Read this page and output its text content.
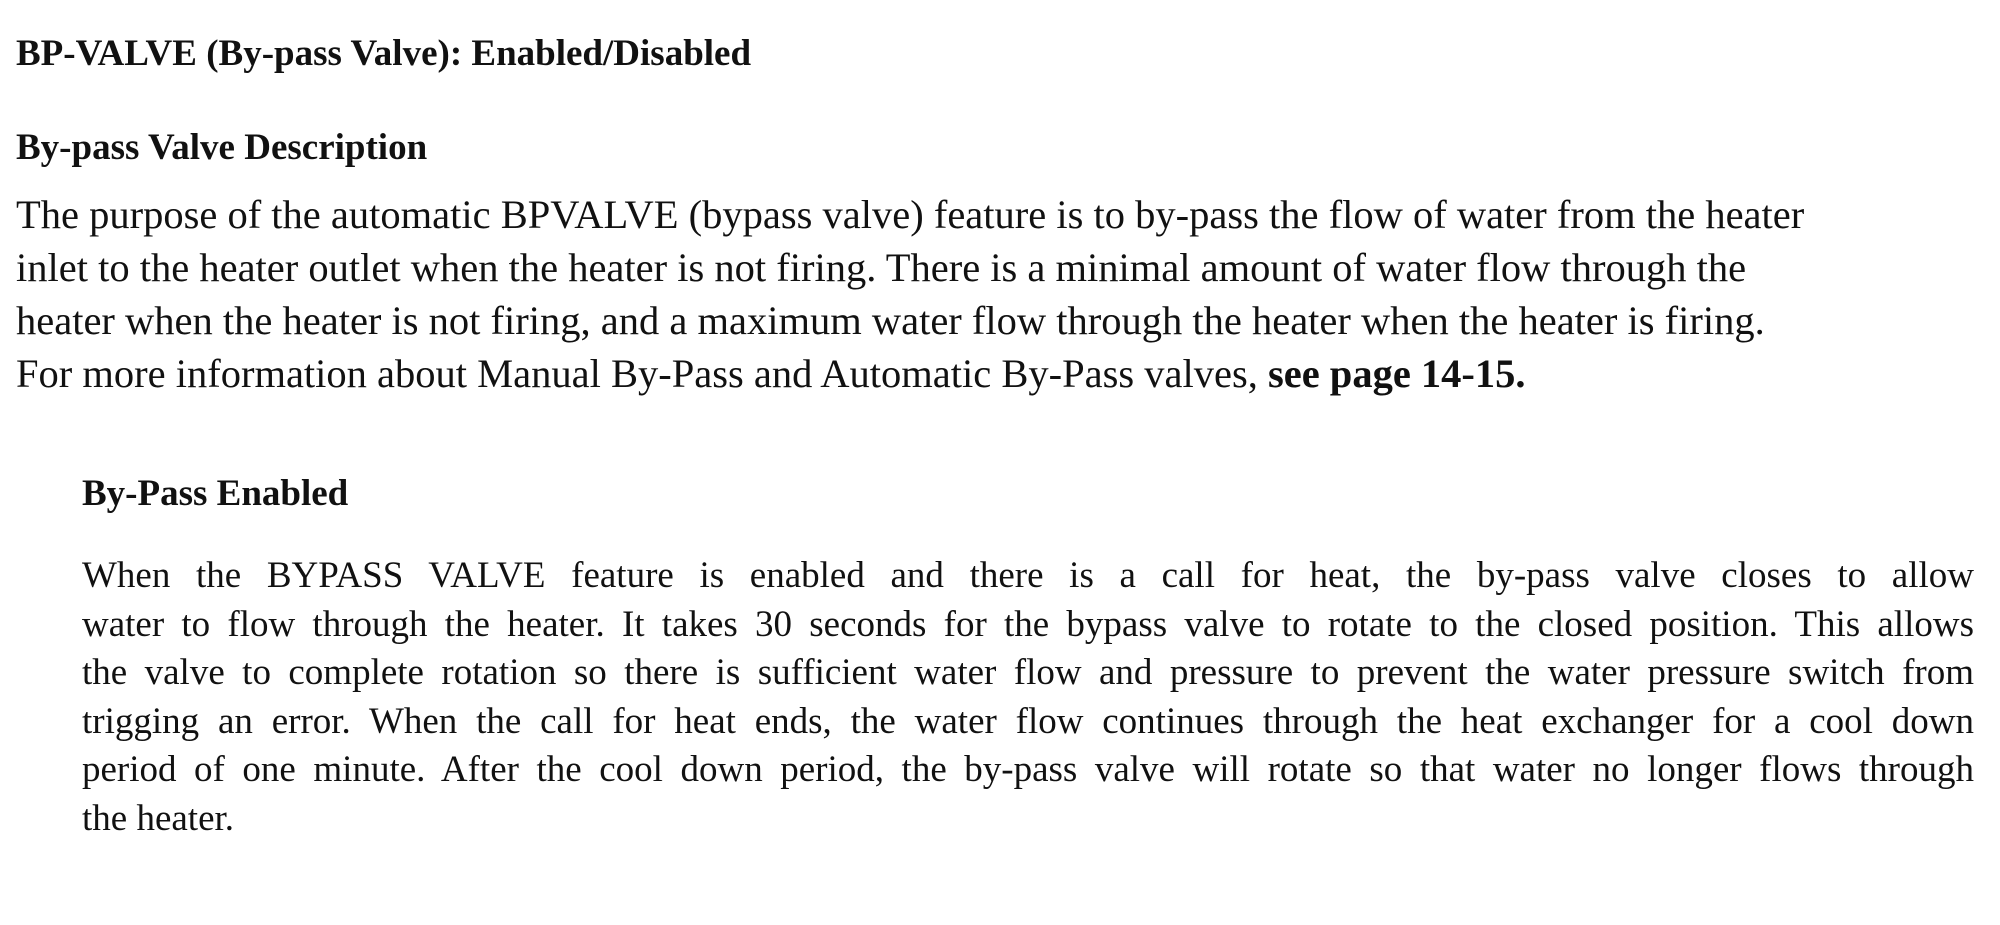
BP-VALVE (By-pass Valve): Enabled/Disabled
By-pass Valve Description

The purpose of the automatic BPVALVE (bypass valve) feature is to by-pass the flow of water from the heater
inlet to the heater outlet when the heater is not firing. There is a minimal amount of water flow through the
heater when the heater is not firing, and a maximum water flow through the heater when the heater is firing.
For more information about Manual By-Pass and Automatic By-Pass valves, see page 14-15.

By-Pass Enabled

When the BYPASS VALVE feature is enabled and there is a call for heat, the by-pass valve closes to allow
water to flow through the heater. It takes 30 seconds for the bypass valve to rotate to the closed position. This allows
the valve to complete rotation so there is sufficient water flow and pressure to prevent the water pressure switch from
trigging an error. When the call for heat ends, the water flow continues through the heat exchanger for a cool down
period of one minute. After the cool down period, the by-pass valve will rotate so that water no longer flows through
the heater.
